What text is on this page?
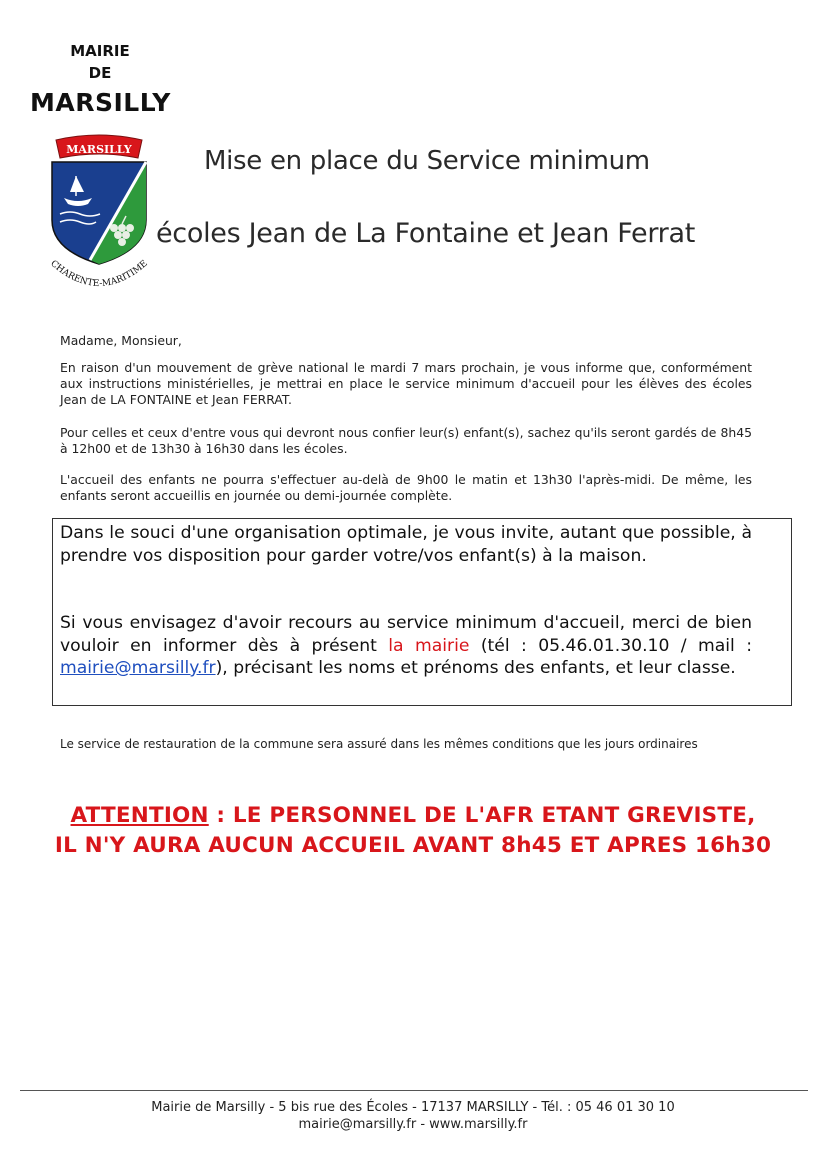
MAIRIE
DE
MARSILLY
MARSILLY
CHARENTE-MARITIME
Mise en place du Service minimum
écoles Jean de La Fontaine et Jean Ferrat
Madame, Monsieur,
En raison d'un mouvement de grève national le mardi 7 mars prochain, je vous informe que, conformément aux instructions ministérielles, je mettrai en place le service minimum d'accueil pour les élèves des écoles Jean de LA FONTAINE et Jean FERRAT.
Pour celles et ceux d'entre vous qui devront nous confier leur(s) enfant(s), sachez qu'ils seront gardés de 8h45 à 12h00 et de 13h30 à 16h30 dans les écoles.
L'accueil des enfants ne pourra s'effectuer au-delà de 9h00 le matin et 13h30 l'après-midi. De même, les enfants seront accueillis en journée ou demi-journée complète.
Dans le souci d'une organisation optimale, je vous invite, autant que possible, à prendre vos disposition pour garder votre/vos enfant(s) à la maison.
Si vous envisagez d'avoir recours au service minimum d'accueil, merci de bien vouloir en informer dès à présent la mairie (tél : 05.46.01.30.10 / mail : mairie@marsilly.fr), précisant les noms et prénoms des enfants, et leur classe.
Le service de restauration de la commune sera assuré dans les mêmes conditions que les jours ordinaires
ATTENTION : LE PERSONNEL DE L'AFR ETANT GREVISTE,
IL N'Y AURA AUCUN ACCUEIL AVANT 8h45 ET APRES 16h30
Mairie de Marsilly - 5 bis rue des Écoles - 17137 MARSILLY - Tél. : 05 46 01 30 10
mairie@marsilly.fr - www.marsilly.fr
